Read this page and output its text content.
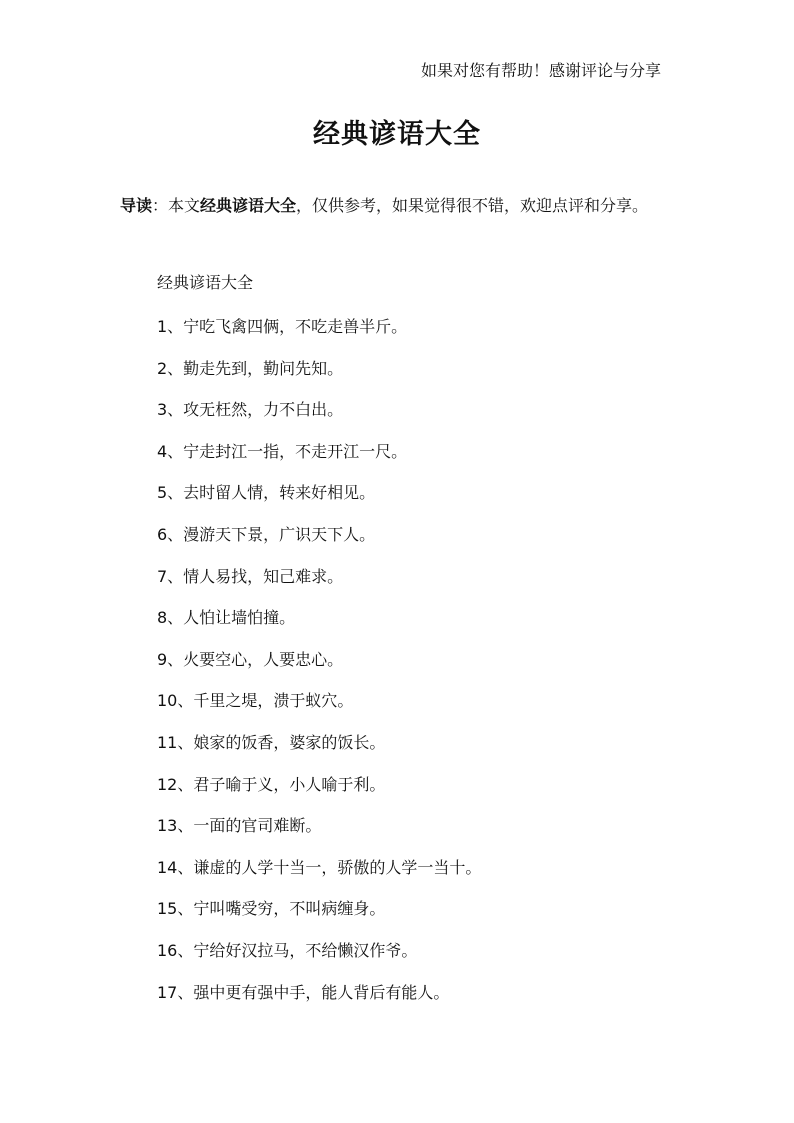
如果对您有帮助！感谢评论与分享
经典谚语大全
导读：本文经典谚语大全，仅供参考，如果觉得很不错，欢迎点评和分享。
经典谚语大全
1、宁吃飞禽四俩，不吃走兽半斤。
2、勤走先到，勤问先知。
3、攻无枉然，力不白出。
4、宁走封江一指，不走开江一尺。
5、去时留人情，转来好相见。
6、漫游天下景，广识天下人。
7、情人易找，知己难求。
8、人怕让墙怕撞。
9、火要空心，人要忠心。
10、千里之堤，溃于蚁穴。
11、娘家的饭香，婆家的饭长。
12、君子喻于义，小人喻于利。
13、一面的官司难断。
14、谦虚的人学十当一，骄傲的人学一当十。
15、宁叫嘴受穷，不叫病缠身。
16、宁给好汉拉马，不给懒汉作爷。
17、强中更有强中手，能人背后有能人。
